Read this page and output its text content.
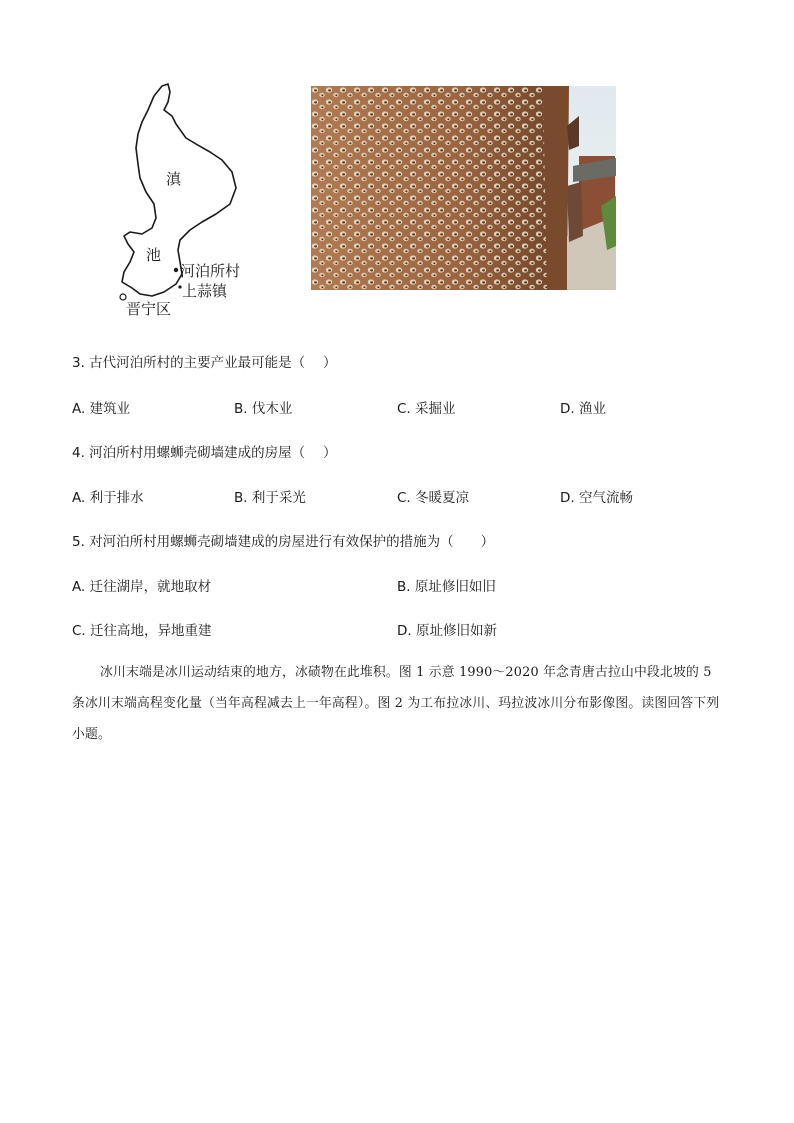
滇
池
河泊所村
上蒜镇
晋宁区
3. 古代河泊所村的主要产业最可能是（　 ）
A. 建筑业	B. 伐木业	C. 采掘业	D. 渔业
4. 河泊所村用螺蛳壳砌墙建成的房屋（　 ）
A. 利于排水	B. 利于采光	C. 冬暖夏凉	D. 空气流畅
5. 对河泊所村用螺蛳壳砌墙建成的房屋进行有效保护的措施为（　　）
A. 迁往湖岸，就地取材	B. 原址修旧如旧
C. 迁往高地，异地重建	D. 原址修旧如新
冰川末端是冰川运动结束的地方，冰碛物在此堆积。图 1 示意 1990～2020 年念青唐古拉山中段北坡的 5 条冰川末端高程变化量（当年高程减去上一年高程）。图 2 为工布拉冰川、玛拉波冰川分布影像图。读图回答下列小题。
